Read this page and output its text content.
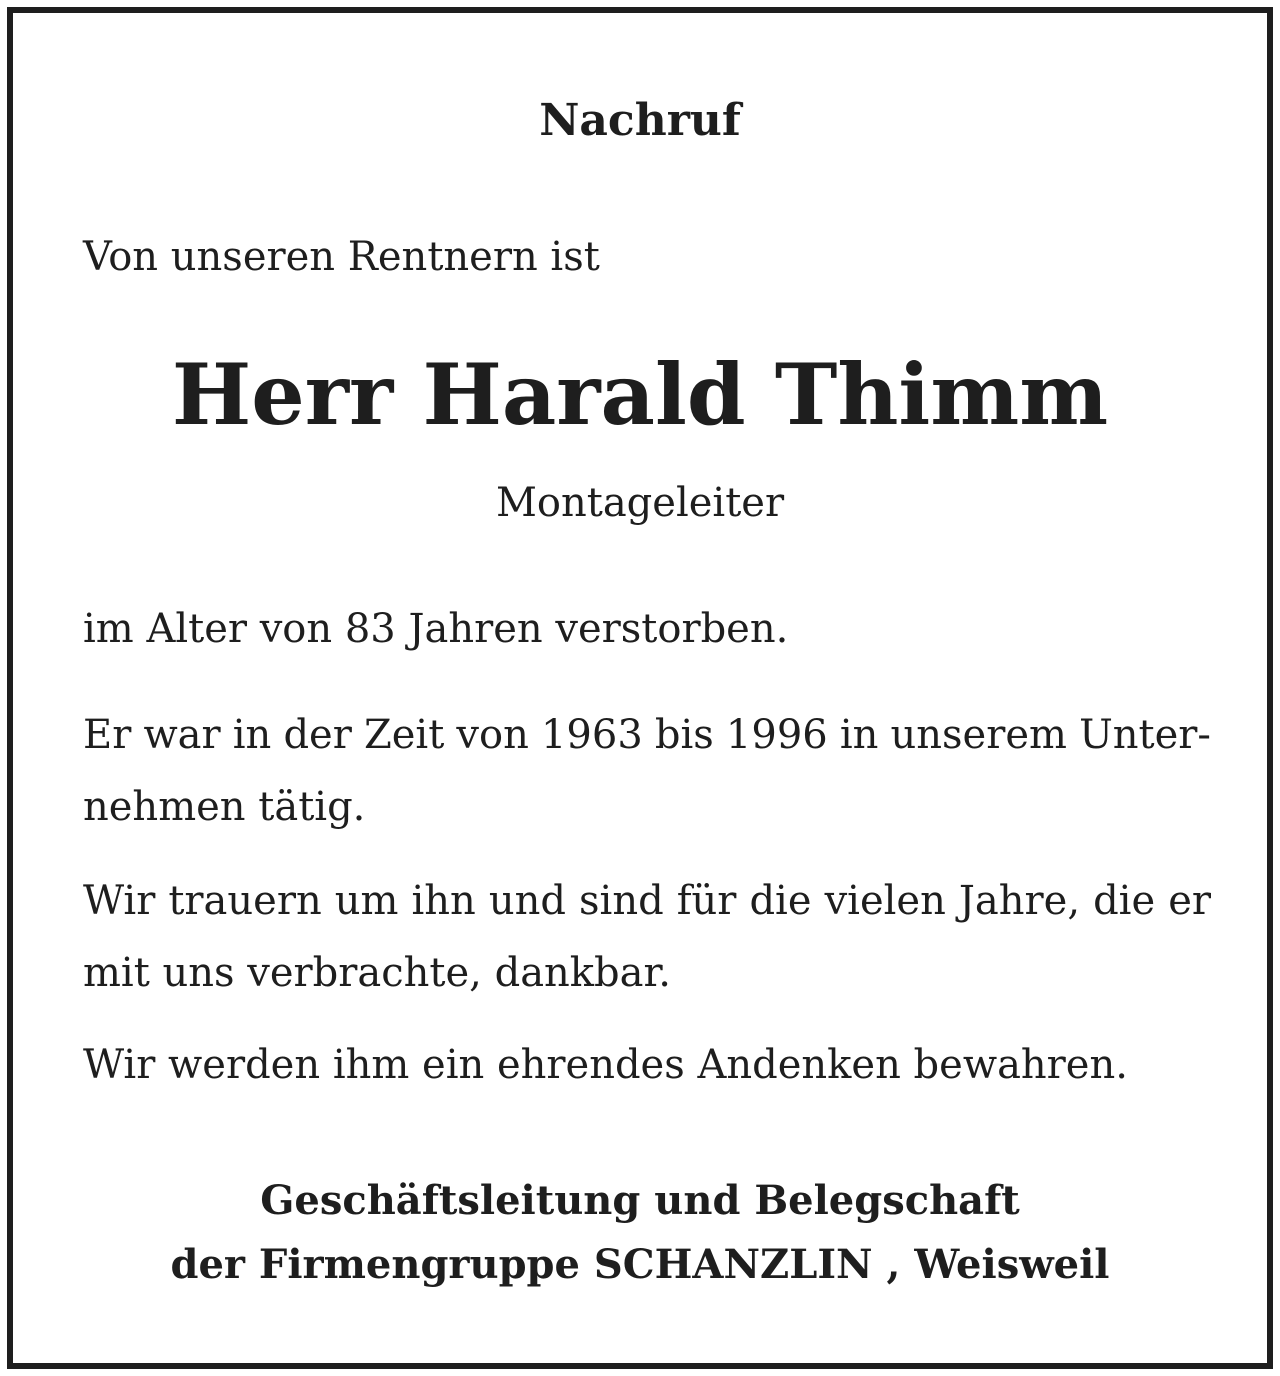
Nachruf
Von unseren Rentnern ist
Herr Harald Thimm
Montageleiter
im Alter von 83 Jahren verstorben.
Er war in der Zeit von 1963 bis 1996 in unserem Unter-
nehmen tätig.
Wir trauern um ihn und sind für die vielen Jahre, die er
mit uns verbrachte, dankbar.
Wir werden ihm ein ehrendes Andenken bewahren.
Geschäftsleitung und Belegschaft
der Firmengruppe SCHANZLIN , Weisweil
